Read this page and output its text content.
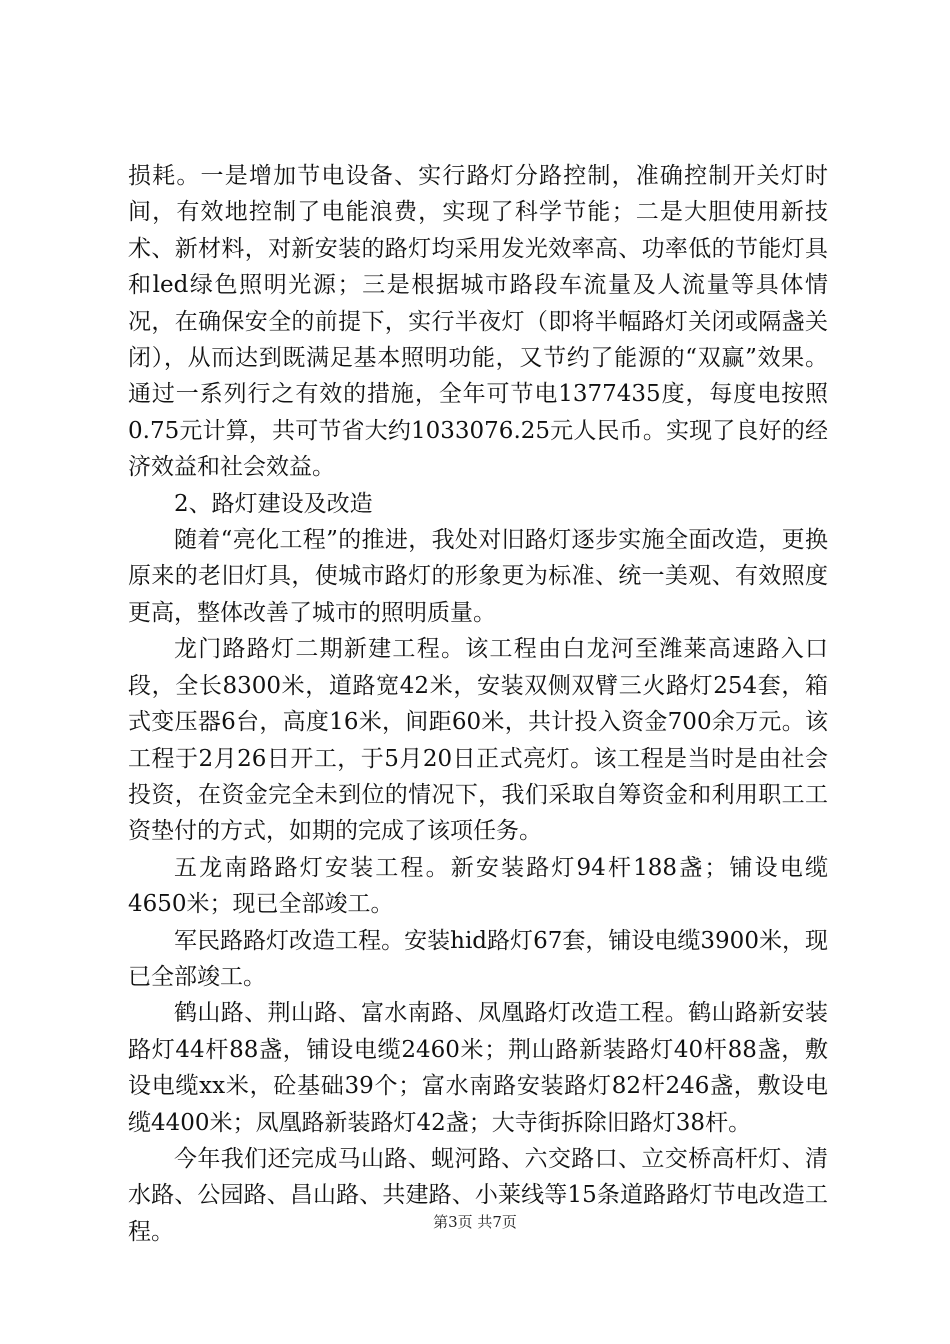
损耗。一是增加节电设备、实行路灯分路控制，准确控制开关灯时间，有效地控制了电能浪费，实现了科学节能；二是大胆使用新技术、新材料，对新安装的路灯均采用发光效率高、功率低的节能灯具和led绿色照明光源；三是根据城市路段车流量及人流量等具体情况，在确保安全的前提下，实行半夜灯（即将半幅路灯关闭或隔盏关闭），从而达到既满足基本照明功能，又节约了能源的“双赢”效果。通过一系列行之有效的措施，全年可节电1377435度，每度电按照0.75元计算，共可节省大约1033076.25元人民币。实现了良好的经济效益和社会效益。

2、路灯建设及改造

随着“亮化工程”的推进，我处对旧路灯逐步实施全面改造，更换原来的老旧灯具，使城市路灯的形象更为标准、统一美观、有效照度更高，整体改善了城市的照明质量。

龙门路路灯二期新建工程。该工程由白龙河至潍莱高速路入口段，全长8300米，道路宽42米，安装双侧双臂三火路灯254套，箱式变压器6台，高度16米，间距60米，共计投入资金700余万元。该工程于2月26日开工，于5月20日正式亮灯。该工程是当时是由社会投资，在资金完全未到位的情况下，我们采取自筹资金和利用职工工资垫付的方式，如期的完成了该项任务。

五龙南路路灯安装工程。新安装路灯94杆188盏；铺设电缆4650米；现已全部竣工。

军民路路灯改造工程。安装hid路灯67套，铺设电缆3900米，现已全部竣工。

鹤山路、荆山路、富水南路、凤凰路灯改造工程。鹤山路新安装路灯44杆88盏，铺设电缆2460米；荆山路新装路灯40杆88盏，敷设电缆xx米，砼基础39个；富水南路安装路灯82杆246盏，敷设电缆4400米；凤凰路新装路灯42盏；大寺街拆除旧路灯38杆。

今年我们还完成马山路、蚬河路、六交路口、立交桥高杆灯、清水路、公园路、昌山路、共建路、小莱线等15条道路路灯节电改造工程。	第3页 共7页
